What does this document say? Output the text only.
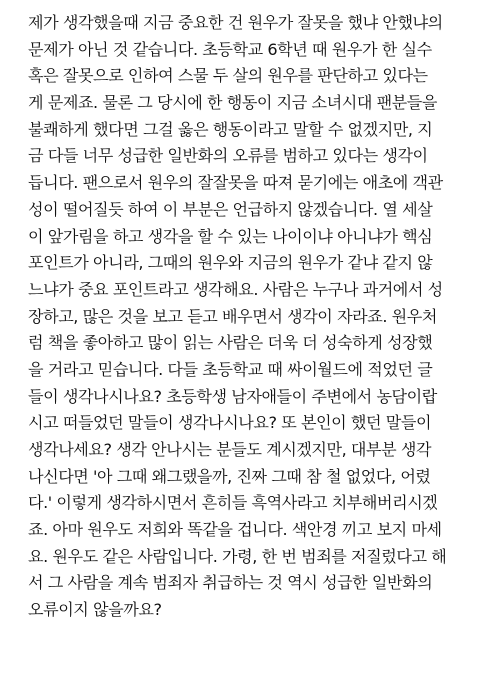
제가 생각했을때 지금 중요한 건 원우가 잘못을 했냐 안했냐의
문제가 아닌 것 같습니다. 초등학교 6학년 때 원우가 한 실수
혹은 잘못으로 인하여 스물 두 살의 원우를 판단하고 있다는
게 문제죠. 물론 그 당시에 한 행동이 지금 소녀시대 팬분들을
불쾌하게 했다면 그걸 옳은 행동이라고 말할 수 없겠지만, 지
금 다들 너무 성급한 일반화의 오류를 범하고 있다는 생각이
듭니다. 팬으로서 원우의 잘잘못을 따져 묻기에는 애초에 객관
성이 떨어질듯 하여 이 부분은 언급하지 않겠습니다. 열 세살
이 앞가림을 하고 생각을 할 수 있는 나이이냐 아니냐가 핵심
포인트가 아니라, 그때의 원우와 지금의 원우가 같냐 같지 않
느냐가 중요 포인트라고 생각해요. 사람은 누구나 과거에서 성
장하고, 많은 것을 보고 듣고 배우면서 생각이 자라죠. 원우처
럼 책을 좋아하고 많이 읽는 사람은 더욱 더 성숙하게 성장했
을 거라고 믿습니다. 다들 초등학교 때 싸이월드에 적었던 글
들이 생각나시나요? 초등학생 남자애들이 주변에서 농담이랍
시고 떠들었던 말들이 생각나시나요? 또 본인이 했던 말들이
생각나세요? 생각 안나시는 분들도 계시겠지만, 대부분 생각
나신다면 '아 그때 왜그랬을까, 진짜 그때 참 철 없었다, 어렸
다.' 이렇게 생각하시면서 흔히들 흑역사라고 치부해버리시겠
죠. 아마 원우도 저희와 똑같을 겁니다. 색안경 끼고 보지 마세
요. 원우도 같은 사람입니다. 가령, 한 번 범죄를 저질렀다고 해
서 그 사람을 계속 범죄자 취급하는 것 역시 성급한 일반화의
오류이지 않을까요?
